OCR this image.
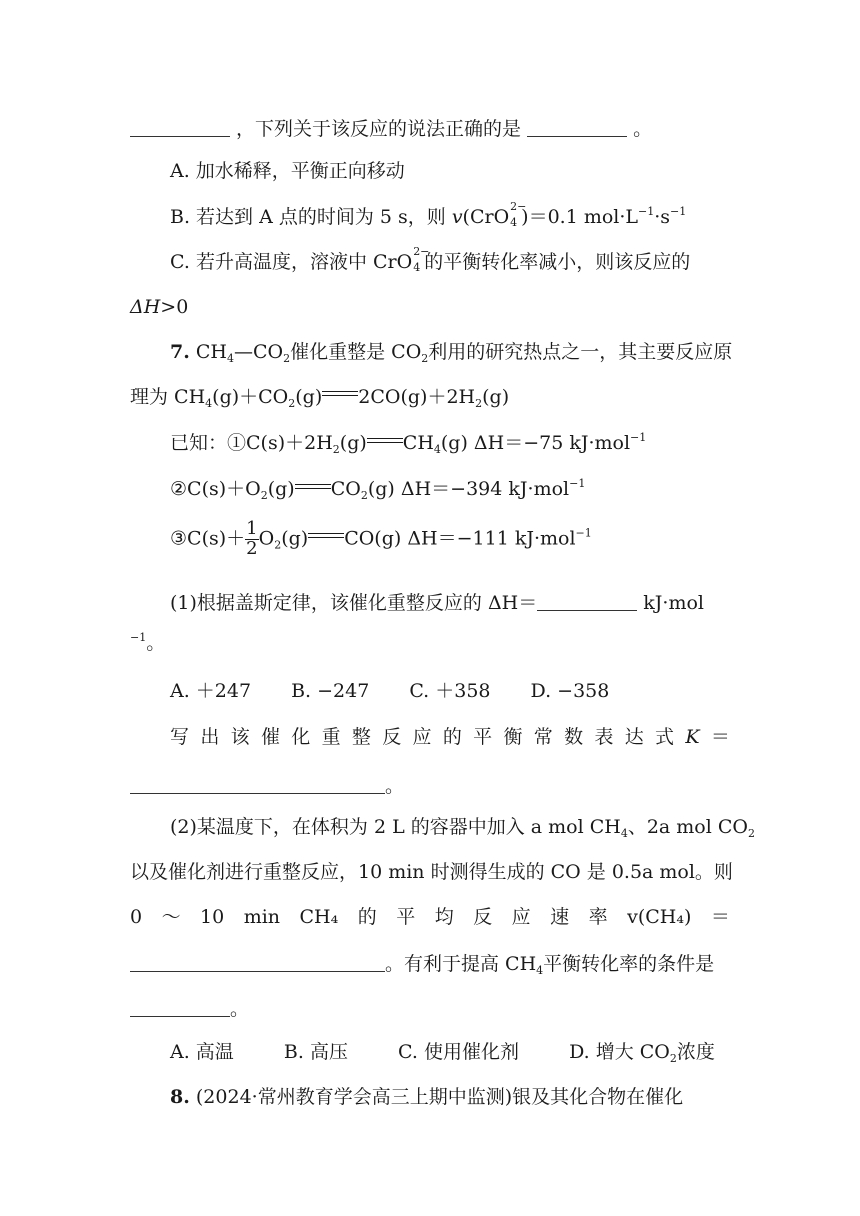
，下列关于该反应的说法正确的是	。
A. 加水稀释，平衡正向移动
B. 若达到 A 点的时间为 5 s，则 v(CrO 2−
4 )＝0.1 $mol\cdot L^{-1}\cdot s^{-1}$
C. 若升高温度，溶液中 CrO 2−
4 的平衡转化率减小，则该反应的
ΔH>0
7. $CH_4—CO_2$催化重整是 $CO_2$利用的研究热点之一，其主要反应原
理为 $CH_4(g)+CO_2(g)$ $2CO(g)+2H_2(g)$
已知：$①C(s)+2H_2(g)$ $CH_4(g)$ ΔH＝−75 kJ·mol$^{-1}$
$②C(s)+O_2(g)$ $CO_2(g)$ ΔH＝−394 kJ·mol$^{-1}$
③C(s)＋ $\frac{1}{2} O_2(g)$ CO(g) ΔH＝−111 kJ·mol$^{-1}$
(1)根据盖斯定律，该催化重整反应的 ΔH＝	kJ·mol
$^{-1}$。
A. ＋247 B. −247 C. ＋358 D. −358
写 出 该 催 化 重 整 反 应 的 平 衡 常 数 表 达 式 K ＝
。
(2)某温度下，在体积为 2 L 的容器中加入 a mol $CH_4$、2a mol $CO_2$
以及催化剂进行重整反应，10 min 时测得生成的 CO 是 0.5a mol。则
0 ～ 10 min CH₄ 的 平 均 反 应 速 率 v(CH₄) ＝
。有利于提高 $CH_4$平衡转化率的条件是
。
A. 高温	B. 高压	C. 使用催化剂	D. 增大 $CO_2$浓度
8. (2024·常州教育学会高三上期中监测)银及其化合物在催化
